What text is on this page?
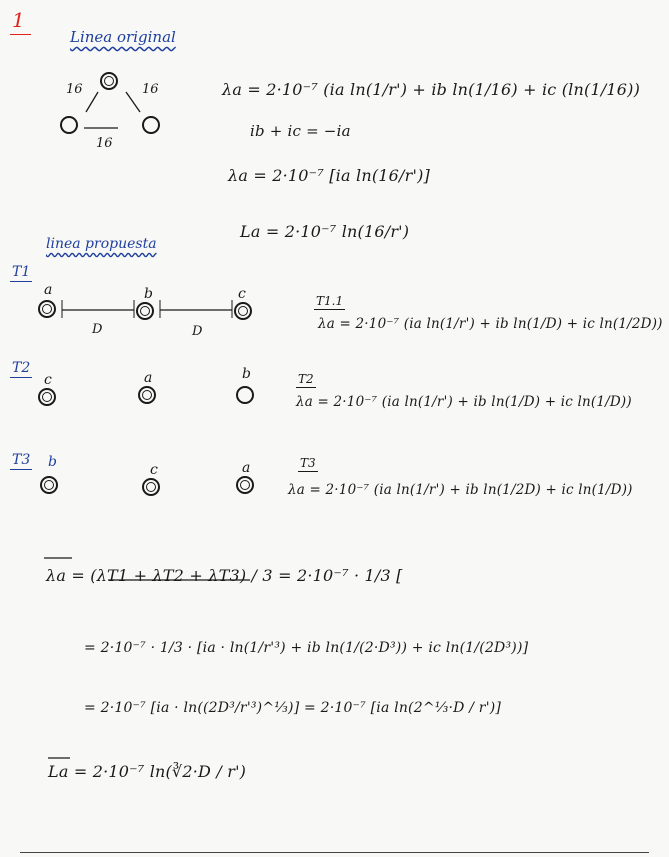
1
Linea original
16	16
16
λa = 2·10⁻⁷ (ia ln(1/r') + ib ln(1/16) + ic (ln(1/16))
ib + ic = −ia
λa = 2·10⁻⁷ [ia ln(16/r')]
La = 2·10⁻⁷ ln(16/r')
linea propuesta
T1
a	b	c
D	D
T1.1
λa = 2·10⁻⁷ (ia ln(1/r') + ib ln(1/D) + ic ln(1/2D))
T2
c	a	b	T2
λa = 2·10⁻⁷ (ia ln(1/r') + ib ln(1/D) + ic ln(1/D))
T3 b	c	a	T3
λa = 2·10⁻⁷ (ia ln(1/r') + ib ln(1/2D) + ic ln(1/D))
λa = (λT1 + λT2 + λT3) / 3 = 2·10⁻⁷ · 1/3 [
= 2·10⁻⁷ · 1/3 · [ia · ln(1/r'³) + ib ln(1/(2·D³)) + ic ln(1/(2D³))]
= 2·10⁻⁷ [ia · ln((2D³/r'³)^⅓)] = 2·10⁻⁷ [ia ln(2^⅓·D / r')]
La = 2·10⁻⁷ ln(∛2·D / r')
